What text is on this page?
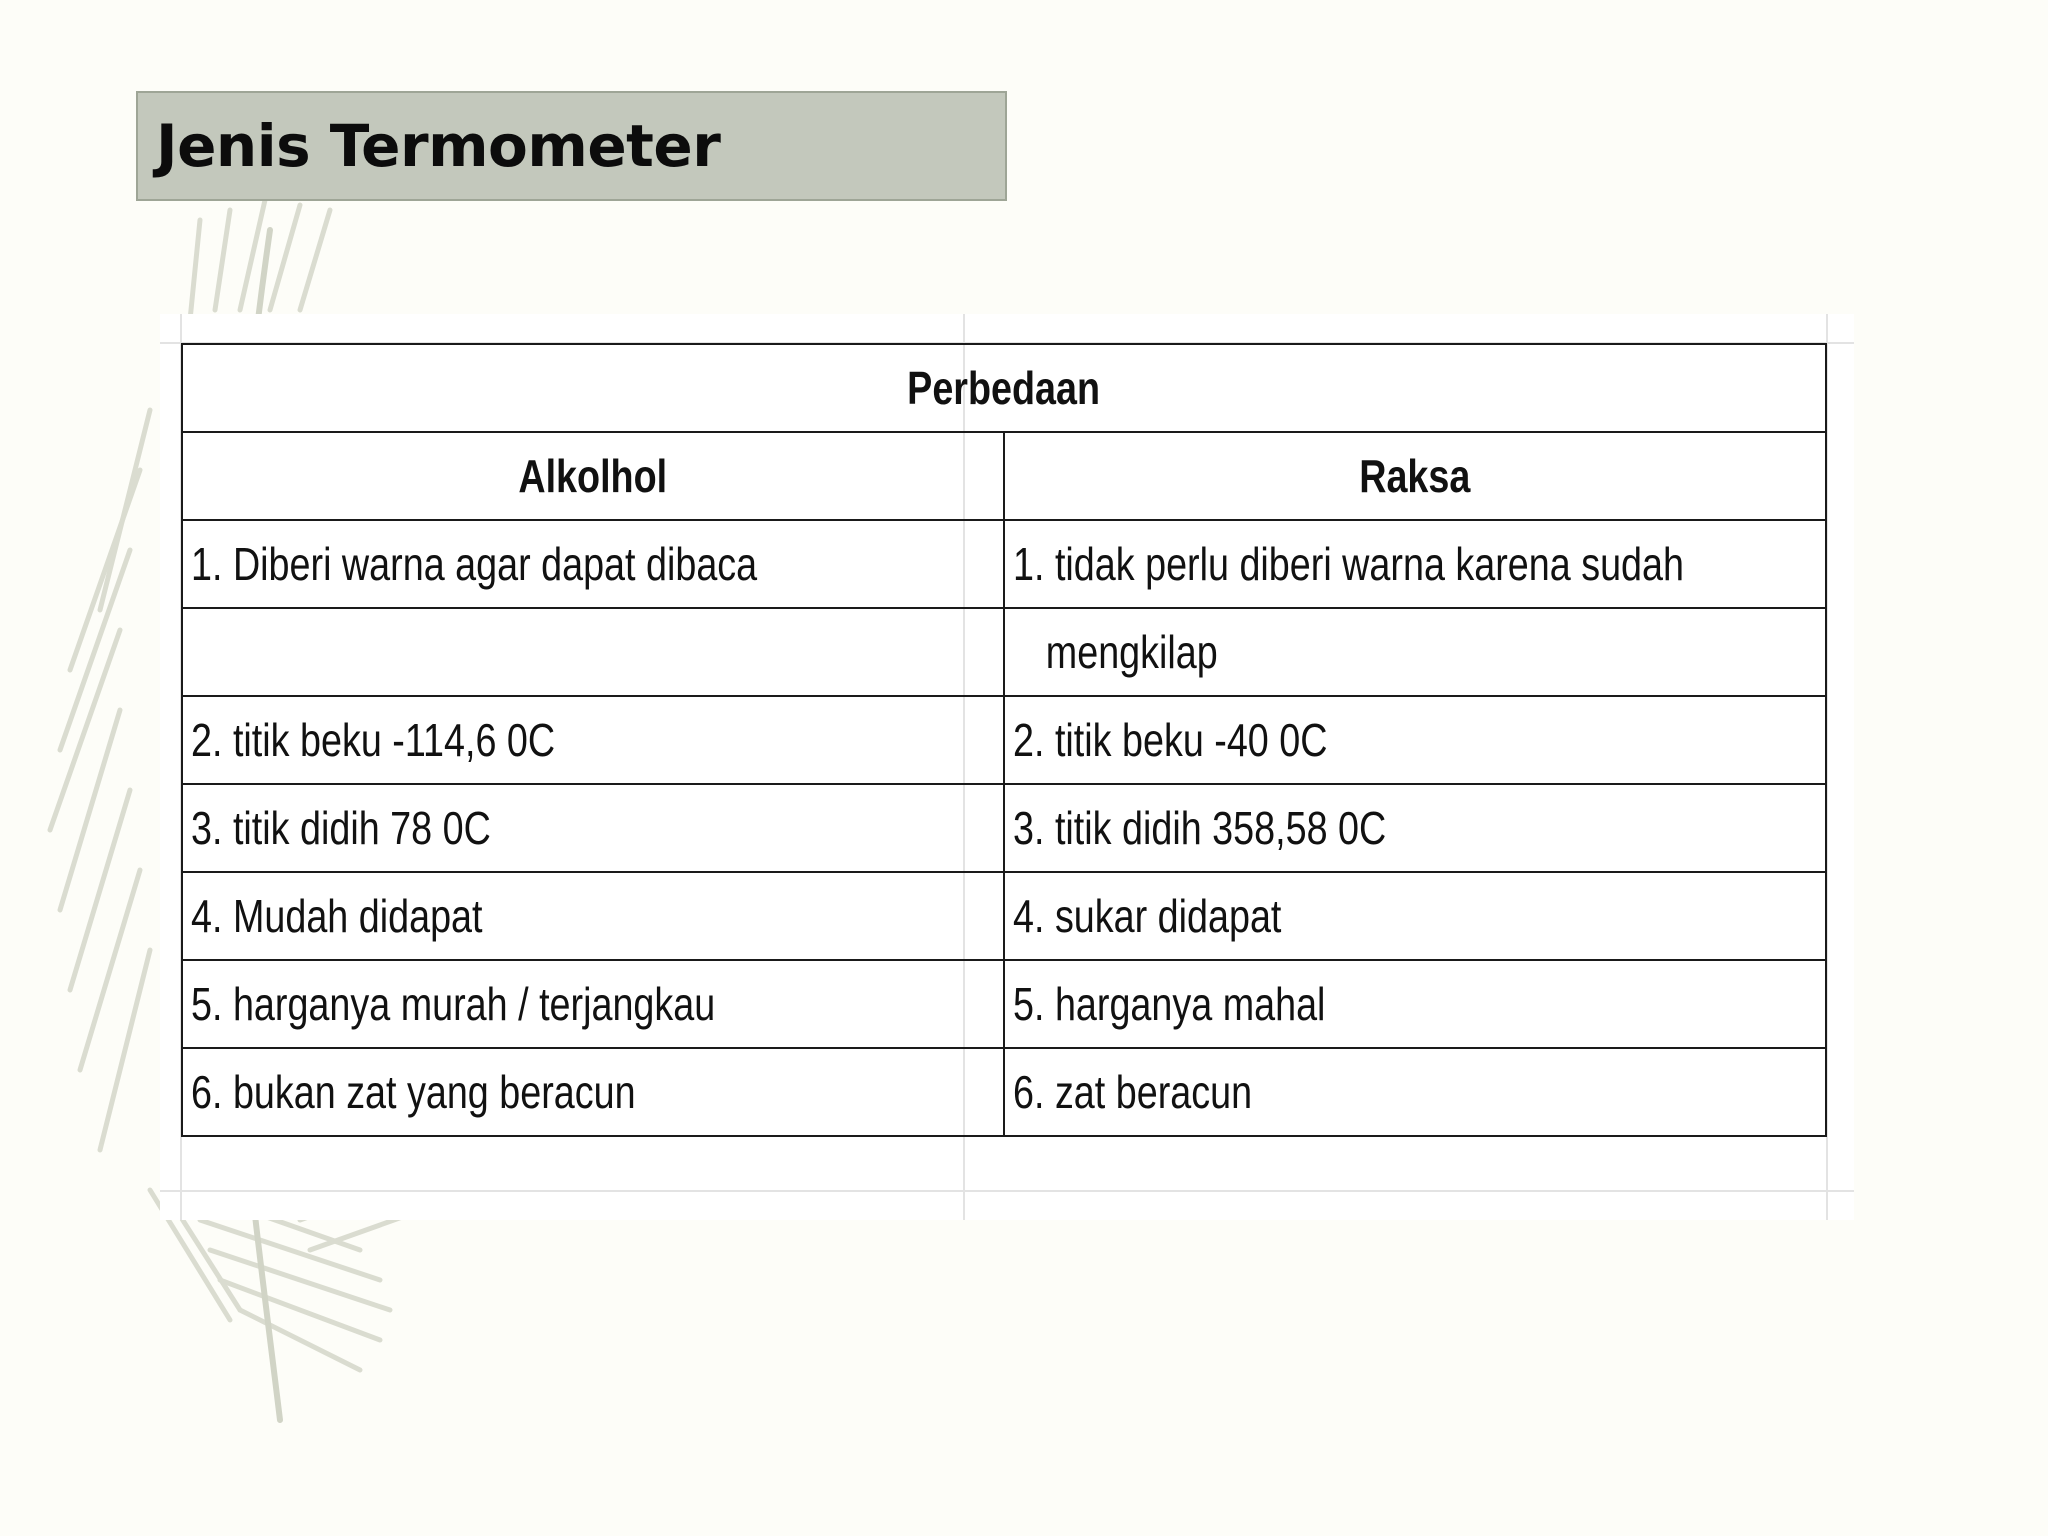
Jenis Termometer
Perbedaan	
Alkolhol	Raksa
1. Diberi warna agar dapat dibaca	1. tidak perlu diberi warna karena sudah
	mengkilap
2. titik beku -114,6 0C	2. titik beku -40 0C
3. titik didih 78 0C	3. titik didih 358,58 0C
4. Mudah didapat	4. sukar didapat
5. harganya murah / terjangkau	5. harganya mahal
6. bukan zat yang beracun	6. zat beracun
